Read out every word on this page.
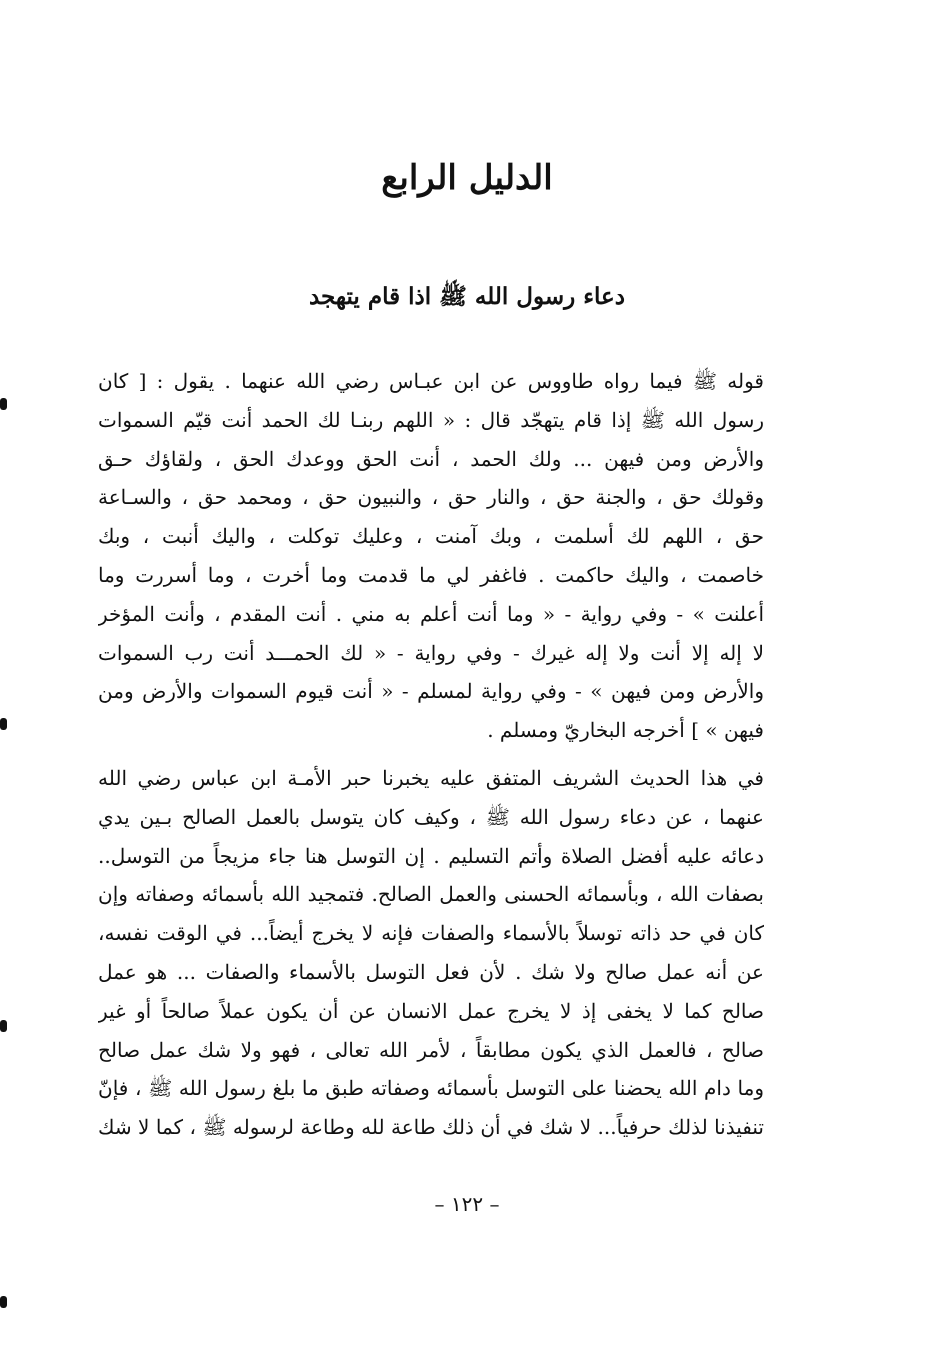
الدليل الرابع
دعاء رسول الله ﷺ اذا قام يتهجد
قوله ﷺ فيما رواه طاووس عن ابن عبـاس رضي الله عنهما . يقول : [ كان
رسول الله ﷺ إذا قام يتهجّد قال : « اللهم ربنـا لك الحمد أنت قيّم السموات
والأرض ومن فيهن ... ولك الحمد ، أنت الحق ووعدك الحق ، ولقاؤك حـق
وقولك حق ، والجنة حق ، والنار حق ، والنبيون حق ، ومحمد حق ، والسـاعة
حق ، اللهم لك أسلمت ، وبك آمنت ، وعليك توكلت ، واليك أنبت ، وبك
خاصمت ، واليك حاكمت . فاغفر لي ما قدمت وما أخرت ، وما أسررت وما
أعلنت » - وفي رواية - « وما أنت أعلم به مني . أنت المقدم ، وأنت المؤخر
لا إله إلا أنت ولا إله غيرك - وفي رواية - « لك الحمـــد أنت رب السموات
والأرض ومن فيهن » - وفي رواية لمسلم - « أنت قيوم السموات والأرض ومن
فيهن » ] أخرجه البخاريّ ومسلم .
في هذا الحديث الشريف المتفق عليه يخبرنا حبر الأمـة ابن عباس رضي الله
عنهما ، عن دعاء رسول الله ﷺ ، وكيف كان يتوسل بالعمل الصالح بـين يدي
دعائه عليه أفضل الصلاة وأتم التسليم . إن التوسل هنا جاء مزيجاً من التوسل..
بصفات الله ، وبأسمائه الحسنى والعمل الصالح. فتمجيد الله بأسمائه وصفاته وإن
كان في حد ذاته توسلاً بالأسماء والصفات فإنه لا يخرج أيضاً... في الوقت نفسه،
عن أنه عمل صالح ولا شك . لأن فعل التوسل بالأسماء والصفات ... هو عمل
صالح كما لا يخفى إذ لا يخرج عمل الانسان عن أن يكون عملاً صالحاً أو غير
صالح ، فالعمل الذي يكون مطابقاً ، لأمر الله تعالى ، فهو ولا شك عمل صالح
وما دام الله يحضنا على التوسل بأسمائه وصفاته طبق ما بلغ رسول الله ﷺ ، فإنّ
تنفيذنا لذلك حرفياً... لا شك في أن ذلك طاعة لله وطاعة لرسوله ﷺ ، كما لا شك
– ١٢٢ –
